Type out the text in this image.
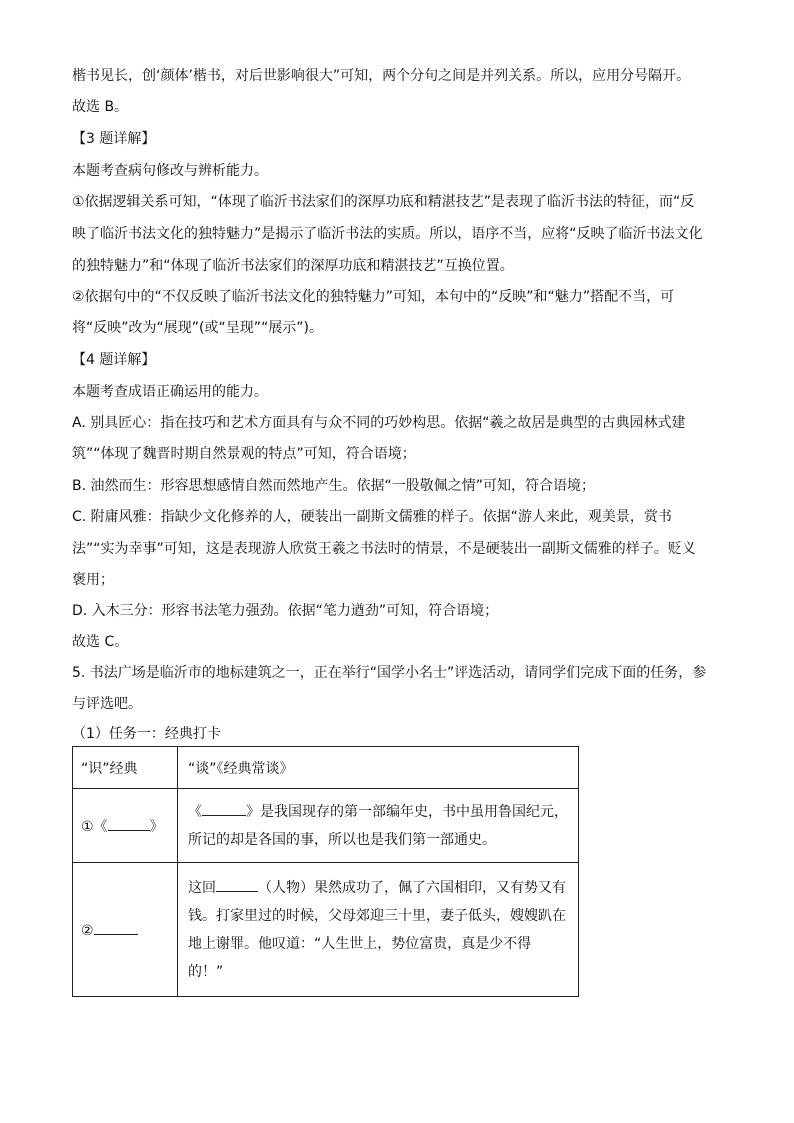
楷书见长，创‘颜体’楷书，对后世影响很大”可知，两个分句之间是并列关系。所以，应用分号隔开。
故选 B。
【3 题详解】
本题考查病句修改与辨析能力。
①依据逻辑关系可知，“体现了临沂书法家们的深厚功底和精湛技艺”是表现了临沂书法的特征，而“反
映了临沂书法文化的独特魅力”是揭示了临沂书法的实质。所以，语序不当，应将“反映了临沂书法文化
的独特魅力”和“体现了临沂书法家们的深厚功底和精湛技艺”互换位置。
②依据句中的“不仅反映了临沂书法文化的独特魅力”可知，本句中的“反映”和“魅力”搭配不当，可
将“反映”改为“展现”(或“呈现”“展示”)。
【4 题详解】
本题考查成语正确运用的能力。
A. 别具匠心：指在技巧和艺术方面具有与众不同的巧妙构思。依据“羲之故居是典型的古典园林式建
筑”“体现了魏晋时期自然景观的特点”可知，符合语境；
B. 油然而生：形容思想感情自然而然地产生。依据“一股敬佩之情”可知，符合语境；
C. 附庸风雅：指缺少文化修养的人，硬装出一副斯文儒雅的样子。依据“游人来此，观美景，赏书
法”“实为幸事”可知，这是表现游人欣赏王羲之书法时的情景，不是硬装出一副斯文儒雅的样子。贬义
褒用；
D. 入木三分：形容书法笔力强劲。依据“笔力遒劲”可知，符合语境；
故选 C。
5. 书法广场是临沂市的地标建筑之一，正在举行“国学小名士”评选活动，请同学们完成下面的任务，参
与评选吧。
（1）任务一：经典打卡
“识”经典	“谈”《经典常谈》
①《 》	《 》是我国现存的第一部编年史，书中虽用鲁国纪元，
所记的却是各国的事，所以也是我们第一部通史。

②	这回 （人物）果然成功了，佩了六国相印，又有势又有
钱。打家里过的时候，父母郊迎三十里，妻子低头，嫂嫂趴在
地上谢罪。他叹道：“人生世上，势位富贵，真是少不得
的！”
